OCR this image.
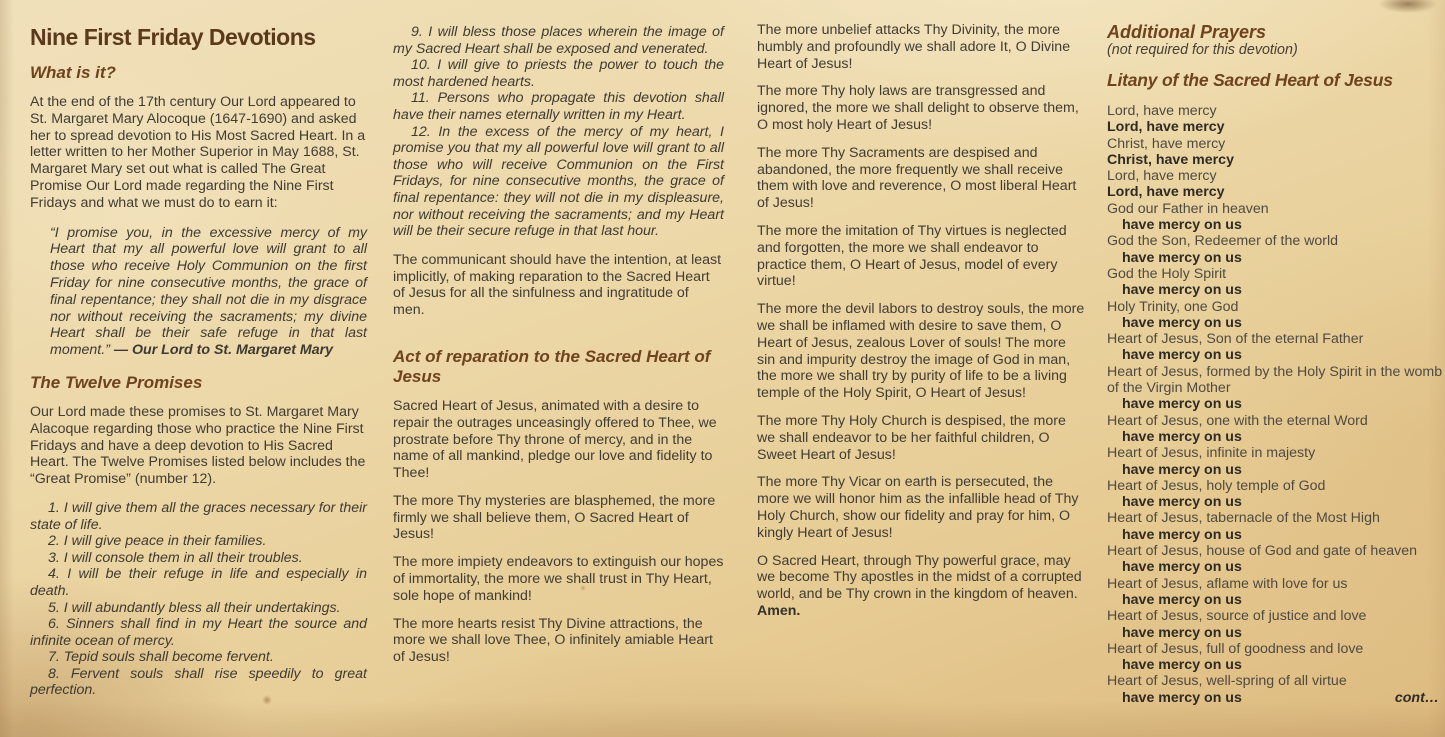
Nine First Friday Devotions
What is it?

At the end of the 17th century Our Lord appeared to St. Margaret Mary Alocoque (1647-1690) and asked her to spread devotion to His Most Sacred Heart. In a letter written to her Mother Superior in May 1688, St. Margaret Mary set out what is called The Great Promise Our Lord made regarding the Nine First Fridays and what we must do to earn it:

“I promise you, in the excessive mercy of my Heart that my all powerful love will grant to all those who receive Holy Communion on the first Friday for nine consecutive months, the grace of final repentance; they shall not die in my disgrace nor without receiving the sacraments; my divine Heart shall be their safe refuge in that last moment.” — Our Lord to St. Margaret Mary
The Twelve Promises

Our Lord made these promises to St. Margaret Mary Alacoque regarding those who practice the Nine First Fridays and have a deep devotion to His Sacred Heart. The Twelve Promises listed below includes the “Great Promise” (number 12).

1. I will give them all the graces necessary for their state of life.

2. I will give peace in their families.

3. I will console them in all their troubles.

4. I will be their refuge in life and especially in death.

5. I will abundantly bless all their undertakings.

6. Sinners shall find in my Heart the source and infinite ocean of mercy.

7. Tepid souls shall become fervent.

8. Fervent souls shall rise speedily to great perfection.

9. I will bless those places wherein the image of my Sacred Heart shall be exposed and venerated.

10. I will give to priests the power to touch the most hardened hearts.

11. Persons who propagate this devotion shall have their names eternally written in my Heart.

12. In the excess of the mercy of my heart, I promise you that my all powerful love will grant to all those who will receive Communion on the First Fridays, for nine consecutive months, the grace of final repentance: they will not die in my displeasure, nor without receiving the sacraments; and my Heart will be their secure refuge in that last hour.

The communicant should have the intention, at least implicitly, of making reparation to the Sacred Heart of Jesus for all the sinfulness and ingratitude of men.

Act of reparation to the Sacred Heart of Jesus

Sacred Heart of Jesus, animated with a desire to repair the outrages unceasingly offered to Thee, we prostrate before Thy throne of mercy, and in the name of all mankind, pledge our love and fidelity to Thee!

The more Thy mysteries are blasphemed, the more firmly we shall believe them, O Sacred Heart of Jesus!

The more impiety endeavors to extinguish our hopes of immortality, the more we shall trust in Thy Heart, sole hope of mankind!

The more hearts resist Thy Divine attractions, the more we shall love Thee, O infinitely amiable Heart of Jesus!

The more unbelief attacks Thy Divinity, the more humbly and profoundly we shall adore It, O Divine Heart of Jesus!

The more Thy holy laws are transgressed and ignored, the more we shall delight to observe them, O most holy Heart of Jesus!

The more Thy Sacraments are despised and abandoned, the more frequently we shall receive them with love and reverence, O most liberal Heart of Jesus!

The more the imitation of Thy virtues is neglected and forgotten, the more we shall endeavor to practice them, O Heart of Jesus, model of every virtue!

The more the devil labors to destroy souls, the more we shall be inflamed with desire to save them, O Heart of Jesus, zealous Lover of souls! The more sin and impurity destroy the image of God in man, the more we shall try by purity of life to be a living temple of the Holy Spirit, O Heart of Jesus!

The more Thy Holy Church is despised, the more we shall endeavor to be her faithful children, O Sweet Heart of Jesus!

The more Thy Vicar on earth is persecuted, the more we will honor him as the infallible head of Thy Holy Church, show our fidelity and pray for him, O kingly Heart of Jesus!

O Sacred Heart, through Thy powerful grace, may we become Thy apostles in the midst of a corrupted world, and be Thy crown in the kingdom of heaven. Amen.

Additional Prayers

(not required for this devotion)

Litany of the Sacred Heart of Jesus
Lord, have mercy
Lord, have mercy
Christ, have mercy
Christ, have mercy
Lord, have mercy
Lord, have mercy
God our Father in heaven
have mercy on us
God the Son, Redeemer of the world
have mercy on us
God the Holy Spirit
have mercy on us
Holy Trinity, one God
have mercy on us
Heart of Jesus, Son of the eternal Father
have mercy on us
Heart of Jesus, formed by the Holy Spirit in the womb of the Virgin Mother
have mercy on us
Heart of Jesus, one with the eternal Word
have mercy on us
Heart of Jesus, infinite in majesty
have mercy on us
Heart of Jesus, holy temple of God
have mercy on us
Heart of Jesus, tabernacle of the Most High
have mercy on us
Heart of Jesus, house of God and gate of heaven
have mercy on us
Heart of Jesus, aflame with love for us
have mercy on us
Heart of Jesus, source of justice and love
have mercy on us
Heart of Jesus, full of goodness and love
have mercy on us
Heart of Jesus, well-spring of all virtue
have mercy on us	cont…
